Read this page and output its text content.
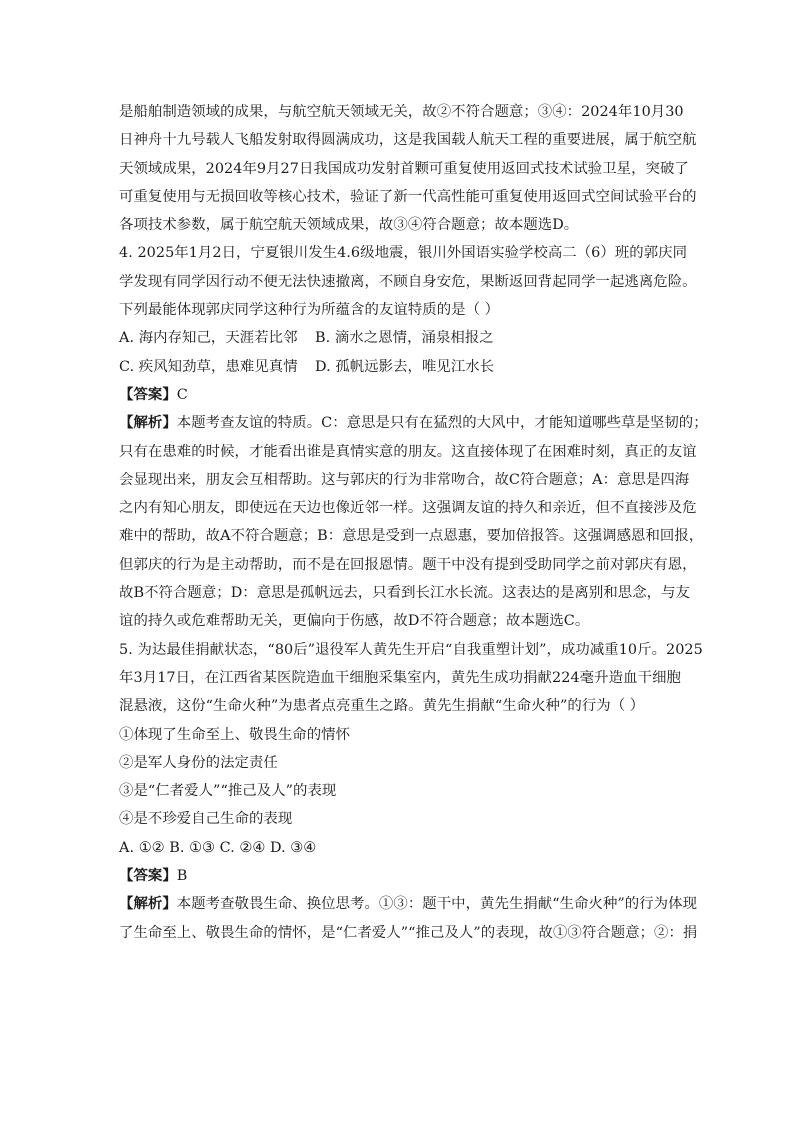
是船舶制造领域的成果，与航空航天领域无关，故②不符合题意；③④：2024年10月30
日神舟十九号载人飞船发射取得圆满成功，这是我国载人航天工程的重要进展，属于航空航
天领域成果，2024年9月27日我国成功发射首颗可重复使用返回式技术试验卫星，突破了
可重复使用与无损回收等核心技术，验证了新一代高性能可重复使用返回式空间试验平台的
各项技术参数，属于航空航天领域成果，故③④符合题意；故本题选D。
4. 2025年1月2日，宁夏银川发生4.6级地震，银川外国语实验学校高二（6）班的郭庆同
学发现有同学因行动不便无法快速撤离，不顾自身安危，果断返回背起同学一起逃离危险。
下列最能体现郭庆同学这种行为所蕴含的友谊特质的是（ ）
A. 海内存知己，天涯若比邻 B. 滴水之恩情，涌泉相报之
C. 疾风知劲草，患难见真情 D. 孤帆远影去，唯见江水长
【答案】C
【解析】本题考查友谊的特质。C：意思是只有在猛烈的大风中，才能知道哪些草是坚韧的；
只有在患难的时候，才能看出谁是真情实意的朋友。这直接体现了在困难时刻，真正的友谊
会显现出来，朋友会互相帮助。这与郭庆的行为非常吻合，故C符合题意；A：意思是四海
之内有知心朋友，即使远在天边也像近邻一样。这强调友谊的持久和亲近，但不直接涉及危
难中的帮助，故A不符合题意；B：意思是受到一点恩惠，要加倍报答。这强调感恩和回报，
但郭庆的行为是主动帮助，而不是在回报恩情。题干中没有提到受助同学之前对郭庆有恩，
故B不符合题意；D：意思是孤帆远去，只看到长江水长流。这表达的是离别和思念，与友
谊的持久或危难帮助无关，更偏向于伤感，故D不符合题意；故本题选C。
5. 为达最佳捐献状态，“80后”退役军人黄先生开启“自我重塑计划”，成功减重10斤。2025
年3月17日，在江西省某医院造血干细胞采集室内，黄先生成功捐献224毫升造血干细胞
混悬液，这份“生命火种”为患者点亮重生之路。黄先生捐献“生命火种”的行为（ ）
①体现了生命至上、敬畏生命的情怀
②是军人身份的法定责任
③是“仁者爱人”“推己及人”的表现
④是不珍爱自己生命的表现
A. ①② B. ①③ C. ②④ D. ③④
【答案】B
【解析】本题考查敬畏生命、换位思考。①③：题干中，黄先生捐献“生命火种”的行为体现
了生命至上、敬畏生命的情怀，是“仁者爱人”“推己及人”的表现，故①③符合题意；②：捐
